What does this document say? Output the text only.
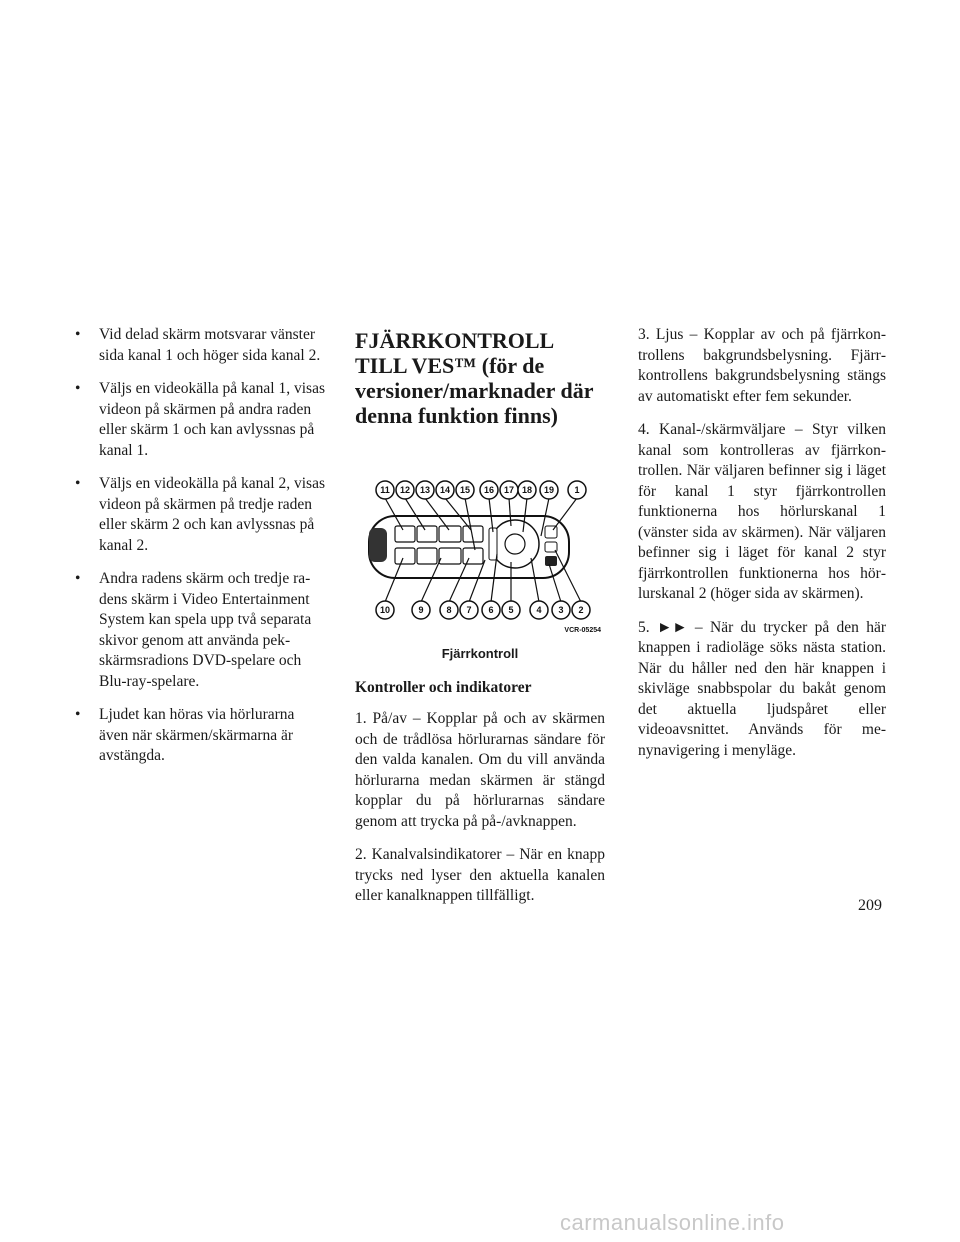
• Vid delad skärm motsvarar vänster sida kanal 1 och höger sida kanal 2.
• Väljs en videokälla på kanal 1, visas videon på skärmen på andra raden eller skärm 1 och kan avlyssnas på kanal 1.
• Väljs en videokälla på kanal 2, visas videon på skärmen på tredje raden eller skärm 2 och kan avlyssnas på kanal 2.
• Andra radens skärm och tredje radens skärm i Video Entertainment System kan spela upp två separata skivor genom att använda pekskärmsradions DVD-spelare och Blu-ray-spelare.
• Ljudet kan höras via hörlurarna även när skärmen/skärmarna är avstängda.
FJÄRRKONTROLL TILL VES™ (för de versioner/marknader där denna funktion finns)
11 12 13 14 15 16 17 18 19 1
10	9	8 7 6 5	4 3 2
VCR-05254
Fjärrkontroll
Kontroller och indikatorer

1. På/av – Kopplar på och av skärmen och de trådlösa hörlurarnas sändare för den valda kanalen. Om du vill använda hörlurarna medan skärmen är stängd kopplar du på hörlurarnas sändare genom att trycka på på-/avknappen.

2. Kanalvalsindikatorer – När en knapp trycks ned lyser den aktuella kanalen eller kanalknappen tillfälligt.

3. Ljus – Kopplar av och på fjärrkontrollens bakgrundsbelysning. Fjärrkontrollens bakgrundsbelysning stängs av automatiskt efter fem sekunder.

4. Kanal-/skärmväljare – Styr vilken kanal som kontrolleras av fjärrkontrollen. När väljaren befinner sig i läget för kanal 1 styr fjärrkontrollen funktionerna hos hörlurskanal 1 (vänster sida av skärmen). När väljaren befinner sig i läget för kanal 2 styr fjärrkontrollen funktionerna hos hörlurskanal 2 (höger sida av skärmen).

5. ►► – När du trycker på den här knappen i radioläge söks nästa station. När du håller ned den här knappen i skivläge snabbspolar du bakåt genom det aktuella ljudspåret eller videoavsnittet. Används för menynavigering i menyläge.

209
carmanualsonline.info
